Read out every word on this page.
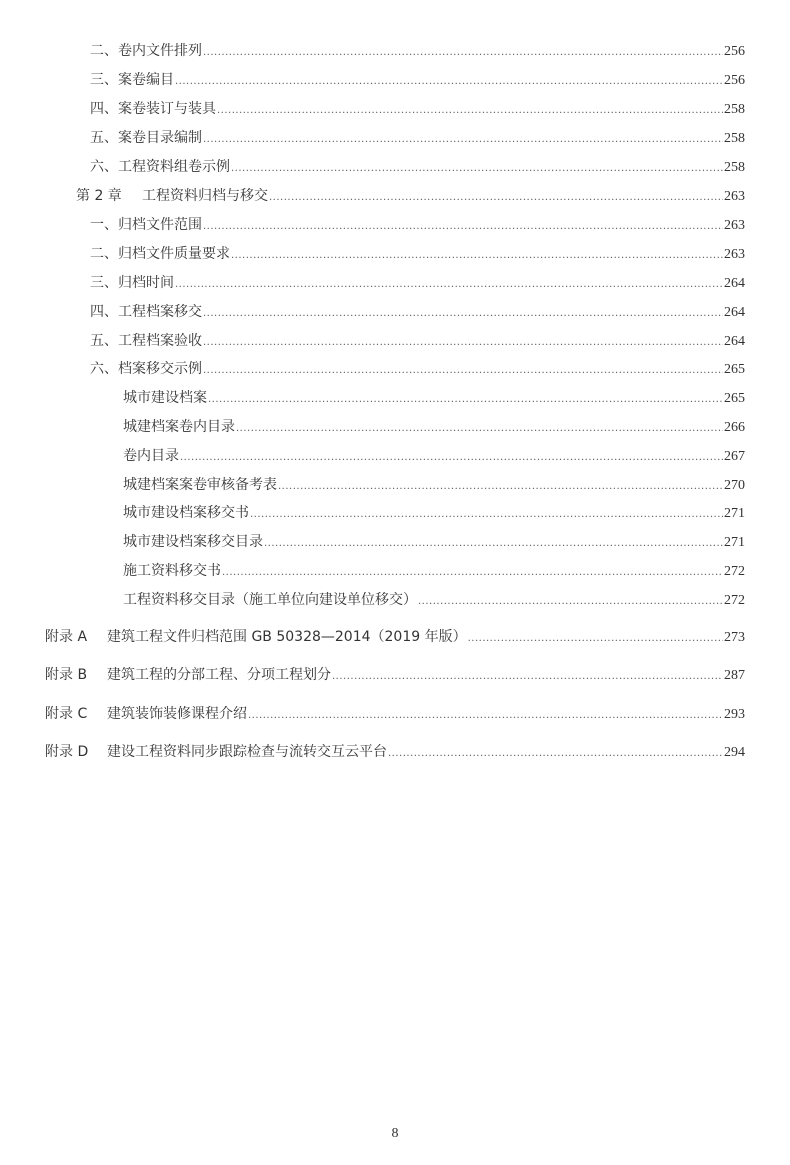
二、卷内文件排列 .....	256
三、案卷编目 .....	256
四、案卷装订与装具 .....	258
五、案卷目录编制 .....	258
六、工程资料组卷示例 .....	258
第 2 章 工程资料归档与移交 .....	263
一、归档文件范围 .....	263
二、归档文件质量要求 .....	263
三、归档时间 .....	264
四、工程档案移交 .....	264
五、工程档案验收 .....	264
六、档案移交示例 .....	265
城市建设档案 .....	265
城建档案卷内目录 .....	266
卷内目录 .....	267
城建档案案卷审核备考表 .....	270
城市建设档案移交书 .....	271
城市建设档案移交目录 .....	271
施工资料移交书 .....	272
工程资料移交目录（施工单位向建设单位移交） .....	272
附录 A 建筑工程文件归档范围 GB 50328—2014（2019 年版） .....	273
附录 B 建筑工程的分部工程、分项工程划分 .....	287
附录 C 建筑装饰装修课程介绍 .....	293
附录 D 建设工程资料同步跟踪检查与流转交互云平台 .....	294
8
